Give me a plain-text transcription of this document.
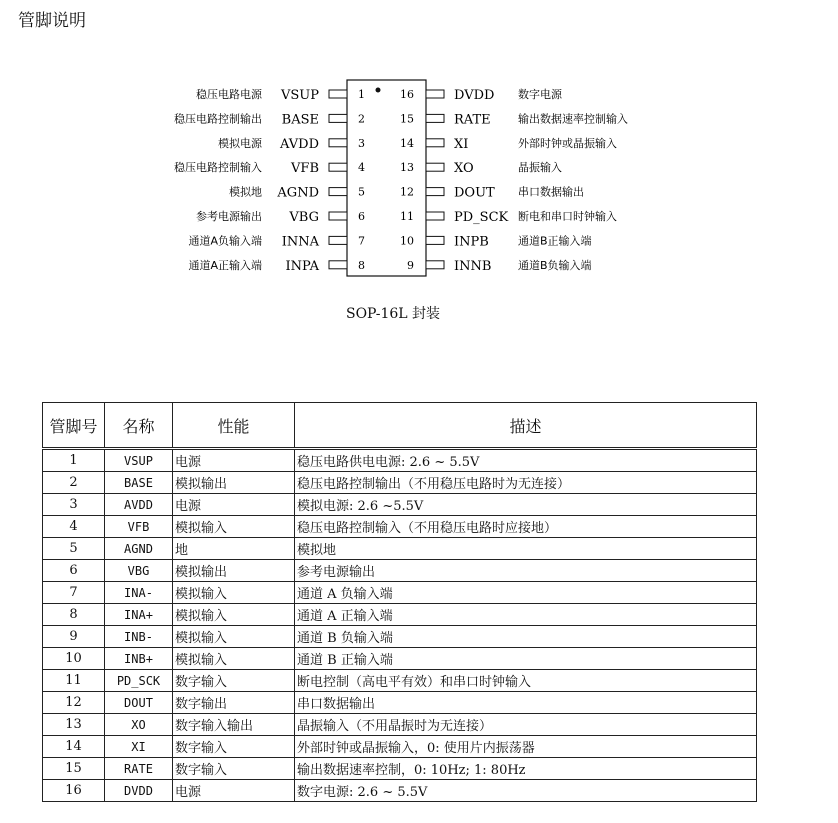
管脚说明
1
VSUP
稳压电路电源
2
BASE
稳压电路控制输出
3
AVDD
模拟电源
4
VFB
稳压电路控制输入
5
AGND
模拟地
6
VBG
参考电源输出
7
INNA
通道A负输入端
8
INPA
通道A正输入端
16	DVDD 数字电源
15	RATE 输出数据速率控制输入
14	XI	外部时钟或晶振输入
13	XO	晶振输入
12	DOUT 串口数据输出
11	PD_SCK 断电和串口时钟输入
10	INPB	通道B正输入端
9	INNB 通道B负输入端
SOP-16L 封装
管脚号	名称	性能	描述
1	VSUP	电源	稳压电路供电电源: 2.6 ~ 5.5V
2	BASE	模拟输出	稳压电路控制输出（不用稳压电路时为无连接）
3	AVDD	电源	模拟电源: 2.6 ~5.5V
4	VFB	模拟输入	稳压电路控制输入（不用稳压电路时应接地）
5	AGND	地	模拟地
6	VBG	模拟输出	参考电源输出
7	INA-	模拟输入	通道 A 负输入端
8	INA+	模拟输入	通道 A 正输入端
9	INB-	模拟输入	通道 B 负输入端
10	INB+	模拟输入	通道 B 正输入端
11	PD_SCK	数字输入	断电控制（高电平有效）和串口时钟输入
12	DOUT	数字输出	串口数据输出
13	XO	数字输入输出	晶振输入（不用晶振时为无连接）
14	XI	数字输入	外部时钟或晶振输入，0: 使用片内振荡器
15	RATE	数字输入	输出数据速率控制，0: 10Hz; 1: 80Hz
16	DVDD	电源	数字电源: 2.6 ~ 5.5V
